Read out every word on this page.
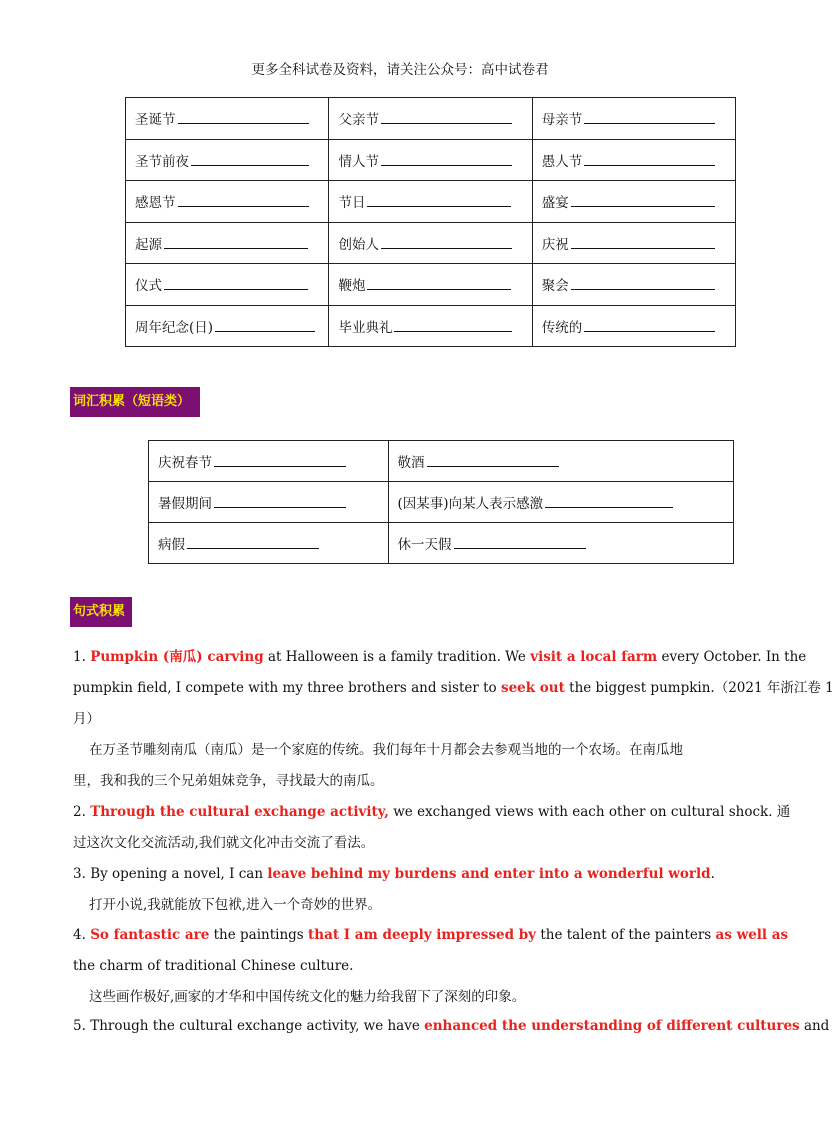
更多全科试卷及资料，请关注公众号：高中试卷君
圣诞节	父亲节	母亲节
圣节前夜	情人节	愚人节
感恩节	节日	盛宴
起源	创始人	庆祝
仪式	鞭炮	聚会
周年纪念(日)	毕业典礼	传统的
词汇积累（短语类）
庆祝春节	敬酒
暑假期间	(因某事)向某人表示感激
病假	休一天假
句式积累
1. Pumpkin (南瓜) carving at Halloween is a family tradition. We visit a local farm every October. In the
pumpkin field, I compete with my three brothers and sister to seek out the biggest pumpkin.（2021 年浙江卷 1
月）
在万圣节雕刻南瓜（南瓜）是一个家庭的传统。我们每年十月都会去参观当地的一个农场。在南瓜地
里，我和我的三个兄弟姐妹竞争，寻找最大的南瓜。
2. Through the cultural exchange activity, we exchanged views with each other on cultural shock. 通
过这次文化交流活动,我们就文化冲击交流了看法。
3. By opening a novel, I can leave behind my burdens and enter into a wonderful world.
打开小说,我就能放下包袱,进入一个奇妙的世界。
4. So fantastic are the paintings that I am deeply impressed by the talent of the painters as well as
the charm of traditional Chinese culture.
这些画作极好,画家的才华和中国传统文化的魅力给我留下了深刻的印象。
5. Through the cultural exchange activity, we have enhanced the understanding of different cultures and
